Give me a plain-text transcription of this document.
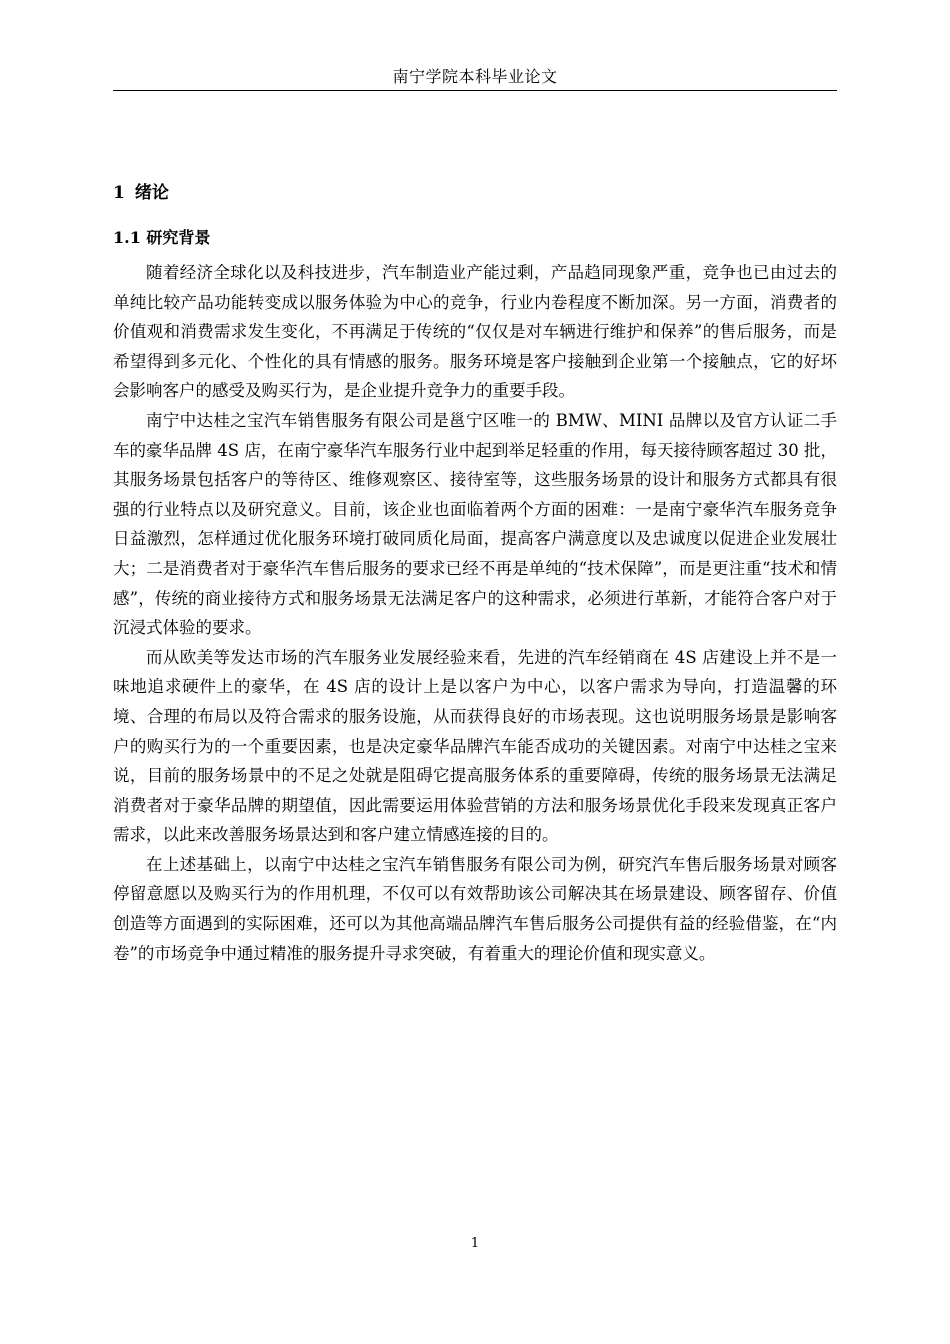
南宁学院本科毕业论文
1 绪论
1.1 研究背景

随着经济全球化以及科技进步，汽车制造业产能过剩，产品趋同现象严重，竞争也已由过去的单纯比较产品功能转变成以服务体验为中心的竞争，行业内卷程度不断加深。另一方面，消费者的价值观和消费需求发生变化，不再满足于传统的“仅仅是对车辆进行维护和保养”的售后服务，而是希望得到多元化、个性化的具有情感的服务。服务环境是客户接触到企业第一个接触点，它的好坏会影响客户的感受及购买行为，是企业提升竞争力的重要手段。

南宁中达桂之宝汽车销售服务有限公司是邕宁区唯一的 BMW、MINI 品牌以及官方认证二手车的豪华品牌 4S 店，在南宁豪华汽车服务行业中起到举足轻重的作用，每天接待顾客超过 30 批，其服务场景包括客户的等待区、维修观察区、接待室等，这些服务场景的设计和服务方式都具有很强的行业特点以及研究意义。目前，该企业也面临着两个方面的困难：一是南宁豪华汽车服务竞争日益激烈，怎样通过优化服务环境打破同质化局面，提高客户满意度以及忠诚度以促进企业发展壮大；二是消费者对于豪华汽车售后服务的要求已经不再是单纯的“技术保障”，而是更注重“技术和情感”，传统的商业接待方式和服务场景无法满足客户的这种需求，必须进行革新，才能符合客户对于沉浸式体验的要求。

而从欧美等发达市场的汽车服务业发展经验来看，先进的汽车经销商在 4S 店建设上并不是一味地追求硬件上的豪华，在 4S 店的设计上是以客户为中心，以客户需求为导向，打造温馨的环境、合理的布局以及符合需求的服务设施，从而获得良好的市场表现。这也说明服务场景是影响客户的购买行为的一个重要因素，也是决定豪华品牌汽车能否成功的关键因素。对南宁中达桂之宝来说，目前的服务场景中的不足之处就是阻碍它提高服务体系的重要障碍，传统的服务场景无法满足消费者对于豪华品牌的期望值，因此需要运用体验营销的方法和服务场景优化手段来发现真正客户需求，以此来改善服务场景达到和客户建立情感连接的目的。

在上述基础上，以南宁中达桂之宝汽车销售服务有限公司为例，研究汽车售后服务场景对顾客停留意愿以及购买行为的作用机理，不仅可以有效帮助该公司解决其在场景建设、顾客留存、价值创造等方面遇到的实际困难，还可以为其他高端品牌汽车售后服务公司提供有益的经验借鉴，在“内卷”的市场竞争中通过精准的服务提升寻求突破，有着重大的理论价值和现实意义。

1
